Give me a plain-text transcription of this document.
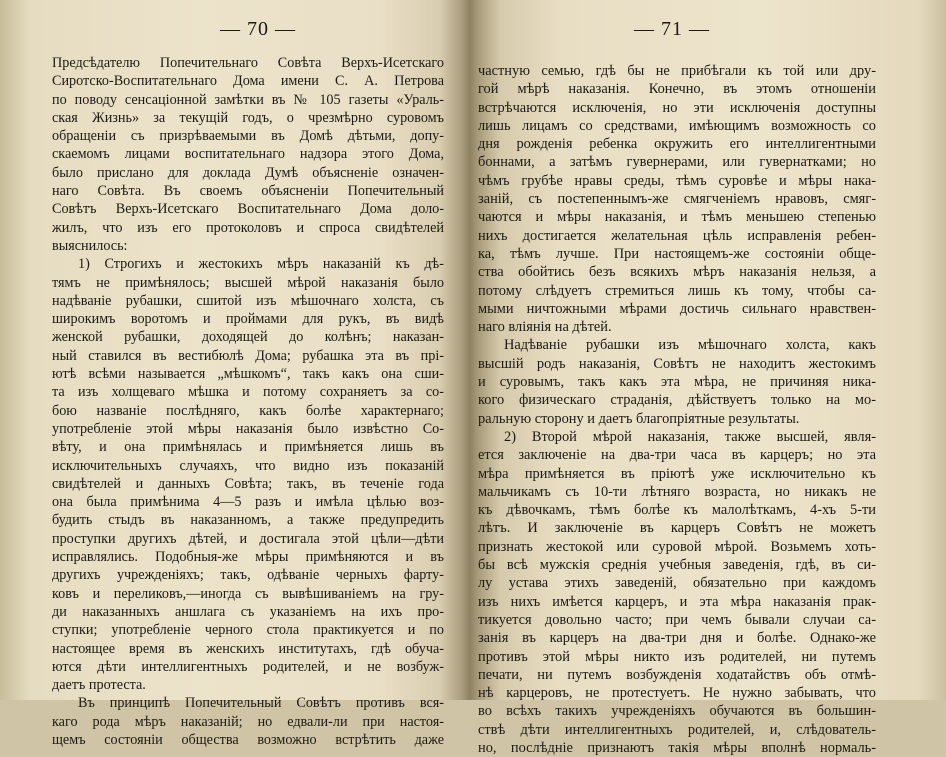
— 70 —
Предсѣдателю Попечительнаго Совѣта Верхъ-Исетскаго
Сиротско-Воспитательнаго Дома имени С. А. Петрова
по поводу сенсаціонной замѣтки въ № 105 газеты «Ураль-
ская Жизнь» за текущій годъ, о чрезмѣрно суровомъ
обращеніи съ призрѣваемыми въ Домѣ дѣтьми, допу-
скаемомъ лицами воспитательнаго надзора этого Дома,
было прислано для доклада Думѣ объясненіе означен-
наго Совѣта. Въ своемъ объясненіи Попечительный
Совѣтъ Верхъ-Исетскаго Воспитательнаго Дома доло-
жилъ, что изъ его протоколовъ и спроса свидѣтелей
выяснилось:
1) Строгихъ и жестокихъ мѣръ наказаній къ дѣ-
тямъ не примѣнялось; высшей мѣрой наказанія было
надѣваніе рубашки, сшитой изъ мѣшочнаго холста, съ
широкимъ воротомъ и проймами для рукъ, въ видѣ
женской рубашки, доходящей до колѣнъ; наказан-
ный ставился въ вестибюлѣ Дома; рубашка эта въ прі-
ютѣ всѣми называется „мѣшкомъ“, такъ какъ она сши-
та изъ холщеваго мѣшка и потому сохраняетъ за со-
бою названіе послѣдняго, какъ болѣе характернаго;
употребленіе этой мѣры наказанія было извѣстно Со-
вѣту, и она примѣнялась и примѣняется лишь въ
исключительныхъ случаяхъ, что видно изъ показаній
свидѣтелей и данныхъ Совѣта; такъ, въ теченіе года
она была примѣнима 4—5 разъ и имѣла цѣлью воз-
будить стыдъ въ наказанномъ, а также предупредить
проступки другихъ дѣтей, и достигала этой цѣли—дѣти
исправлялись. Подобныя-же мѣры примѣняются и въ
другихъ учрежденіяхъ; такъ, одѣваніе черныхъ фарту-
ковъ и переликовъ,—иногда съ вывѣшиваніемъ на гру-
ди наказанныхъ аншлага съ указаніемъ на ихъ про-
ступки; употребленіе черного стола практикуется и по
настоящее время въ женскихъ институтахъ, гдѣ обуча-
ются дѣти интеллигентныхъ родителей, и не возбуж-
даетъ протеста.
Въ принципѣ Попечительный Совѣтъ противъ вся-
каго рода мѣръ наказаній; но едвали-ли при настоя-
щемъ состояніи общества возможно встрѣтить даже
— 71 —
частную семью, гдѣ бы не прибѣгали къ той или дру-
гой мѣрѣ наказанія. Конечно, въ этомъ отношеніи
встрѣчаются исключенія, но эти исключенія доступны
лишь лицамъ со средствами, имѣющимъ возможность со
дня рожденія ребенка окружить его интеллигентными
боннами, а затѣмъ гувернерами, или гувернатками; но
чѣмъ грубѣе нравы среды, тѣмъ суровѣе и мѣры нака-
заній, съ постепеннымъ-же смягченіемъ нравовъ, смяг-
чаются и мѣры наказанія, и тѣмъ меньшею степенью
нихъ достигается желательная цѣль исправленія ребен-
ка, тѣмъ лучше. При настоящемъ-же состояніи обще-
ства обойтись безъ всякихъ мѣръ наказанія нельзя, а
потому слѣдуетъ стремиться лишь къ тому, чтобы са-
мыми ничтожными мѣрами достичь сильнаго нравствен-
наго вліянія на дѣтей.
Надѣваніе рубашки изъ мѣшочнаго холста, какъ
высшій родъ наказанія, Совѣтъ не находитъ жестокимъ
и суровымъ, такъ какъ эта мѣра, не причиняя ника-
кого физическаго страданія, дѣйствуетъ только на мо-
ральную сторону и даетъ благопріятные результаты.
2) Второй мѣрой наказанія, также высшей, явля-
ется заключеніе на два-три часа въ карцеръ; но эта
мѣра примѣняется въ пріютѣ уже исключительно къ
мальчикамъ съ 10-ти лѣтняго возраста, но никакъ не
къ дѣвочкамъ, тѣмъ болѣе къ малолѣткамъ, 4-хъ 5-ти
лѣтъ. И заключеніе въ карцеръ Совѣтъ не можетъ
признать жестокой или суровой мѣрой. Возьмемъ хоть-
бы всѣ мужскія среднія учебныя заведенія, гдѣ, въ си-
лу устава этихъ заведеній, обязательно при каждомъ
изъ нихъ имѣется карцеръ, и эта мѣра наказанія прак-
тикуется довольно часто; при чемъ бывали случаи са-
занія въ карцеръ на два-три дня и болѣе. Однако-же
противъ этой мѣры никто изъ родителей, ни путемъ
печати, ни путемъ возбужденія ходатайствъ объ отмѣ-
нѣ карцеровъ, не протестуетъ. Не нужно забывать, что
во всѣхъ такихъ учрежденіяхъ обучаются въ большин-
ствѣ дѣти интеллигентныхъ родителей, и, слѣдователь-
но, послѣдніе признаютъ такія мѣры вполнѣ нормаль-
